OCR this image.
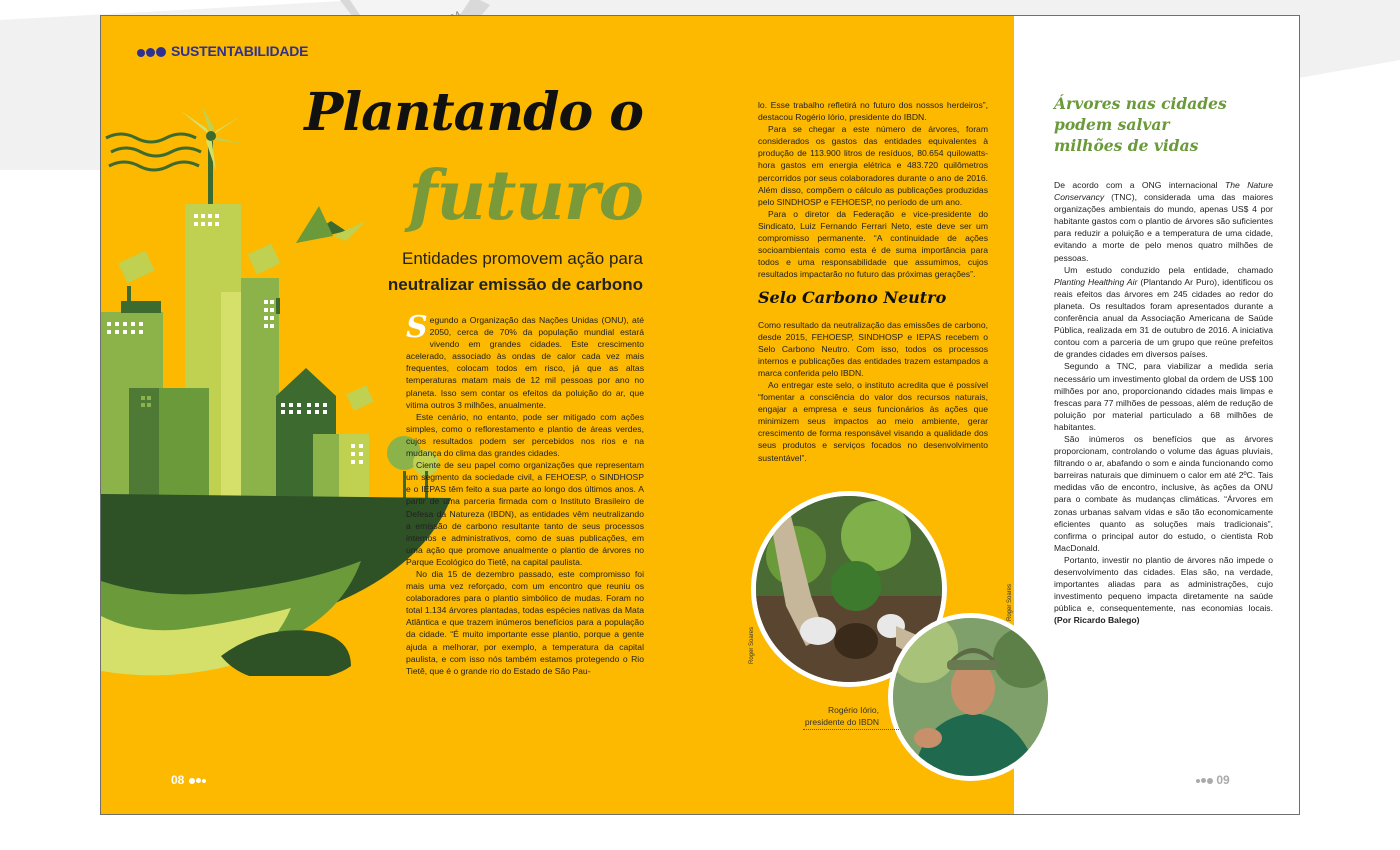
SUSTENTABILIDADE
Plantando o
futuro
Entidades promovem ação para
neutralizar emissão de carbono

Segundo a Organização das Nações Unidas (ONU), até 2050, cerca de 70% da população mundial estará vivendo em grandes cidades. Este crescimento acelerado, associado às ondas de calor cada vez mais frequentes, colocam todos em risco, já que as altas temperaturas matam mais de 12 mil pessoas por ano no planeta. Isso sem contar os efeitos da poluição do ar, que vitima outros 3 milhões, anualmente.

Este cenário, no entanto, pode ser mitigado com ações simples, como o reflorestamento e plantio de áreas verdes, cujos resultados podem ser percebidos nos rios e na mudança do clima das grandes cidades.

Ciente de seu papel como organizações que representam um segmento da sociedade civil, a FEHOESP, o SINDHOSP e o IEPAS têm feito a sua parte ao longo dos últimos anos. A partir de uma parceria firmada com o Instituto Brasileiro de Defesa da Natureza (IBDN), as entidades vêm neutralizando a emissão de carbono resultante tanto de seus processos internos e administrativos, como de suas publicações, em uma ação que promove anualmente o plantio de árvores no Parque Ecológico do Tietê, na capital paulista.

No dia 15 de dezembro passado, este compromisso foi mais uma vez reforçado, com um encontro que reuniu os colaboradores para o plantio simbólico de mudas. Foram no total 1.134 árvores plantadas, todas espécies nativas da Mata Atlântica e que trazem inúmeros benefícios para a população da cidade. “É muito importante esse plantio, porque a gente ajuda a melhorar, por exemplo, a temperatura da capital paulista, e com isso nós também estamos protegendo o Rio Tietê, que é o grande rio do Estado de São Pau-

lo. Esse trabalho refletirá no futuro dos nossos herdeiros”, destacou Rogério Iório, presidente do IBDN.

Para se chegar a este número de árvores, foram considerados os gastos das entidades equivalentes à produção de 113.900 litros de resíduos, 80.654 quilowatts-hora gastos em energia elétrica e 483.720 quilômetros percorridos por seus colaboradores durante o ano de 2016. Além disso, compõem o cálculo as publicações produzidas pelo SINDHOSP e FEHOESP, no período de um ano.

Para o diretor da Federação e vice-presidente do Sindicato, Luiz Fernando Ferrari Neto, este deve ser um compromisso permanente. “A continuidade de ações socioambientais como esta é de suma importância para todos e uma responsabilidade que assumimos, cujos resultados impactarão no futuro das próximas gerações”.

Selo Carbono Neutro

Como resultado da neutralização das emissões de carbono, desde 2015, FEHOESP, SINDHOSP e IEPAS recebem o Selo Carbono Neutro. Com isso, todos os processos internos e publicações das entidades trazem estampados a marca conferida pelo IBDN.

Ao entregar este selo, o instituto acredita que é possível “fomentar a consciência do valor dos recursos naturais, engajar a empresa e seus funcionários às ações que minimizem seus impactos ao meio ambiente, gerar crescimento de forma responsável visando a qualidade dos seus produtos e serviços focados no desenvolvimento sustentável”.

Roger Soares
Roger Soares
Rogério Iório,
presidente do IBDN
Árvores nas cidades
podem salvar
milhões de vidas

De acordo com a ONG internacional The Nature Conservancy (TNC), considerada uma das maiores organizações ambientais do mundo, apenas US$ 4 por habitante gastos com o plantio de árvores são suficientes para reduzir a poluição e a temperatura de uma cidade, evitando a morte de pelo menos quatro milhões de pessoas.

Um estudo conduzido pela entidade, chamado Planting Healthing Air (Plantando Ar Puro), identificou os reais efeitos das árvores em 245 cidades ao redor do planeta. Os resultados foram apresentados durante a conferência anual da Associação Americana de Saúde Pública, realizada em 31 de outubro de 2016. A iniciativa contou com a parceria de um grupo que reúne prefeitos de grandes cidades em diversos países.

Segundo a TNC, para viabilizar a medida seria necessário um investimento global da ordem de US$ 100 milhões por ano, proporcionando cidades mais limpas e frescas para 77 milhões de pessoas, além de redução de poluição por material particulado a 68 milhões de habitantes.

São inúmeros os benefícios que as árvores proporcionam, controlando o volume das águas pluviais, filtrando o ar, abafando o som e ainda funcionando como barreiras naturais que diminuem o calor em até 2ºC. Tais medidas vão de encontro, inclusive, às ações da ONU para o combate às mudanças climáticas. “Árvores em zonas urbanas salvam vidas e são tão economicamente eficientes quanto as soluções mais tradicionais”, confirma o principal autor do estudo, o cientista Rob MacDonald.

Portanto, investir no plantio de árvores não impede o desenvolvimento das cidades. Elas são, na verdade, importantes aliadas para as administrações, cujo investimento pequeno impacta diretamente na saúde pública e, consequentemente, nas economias locais. (Por Ricardo Balego)

08	09
